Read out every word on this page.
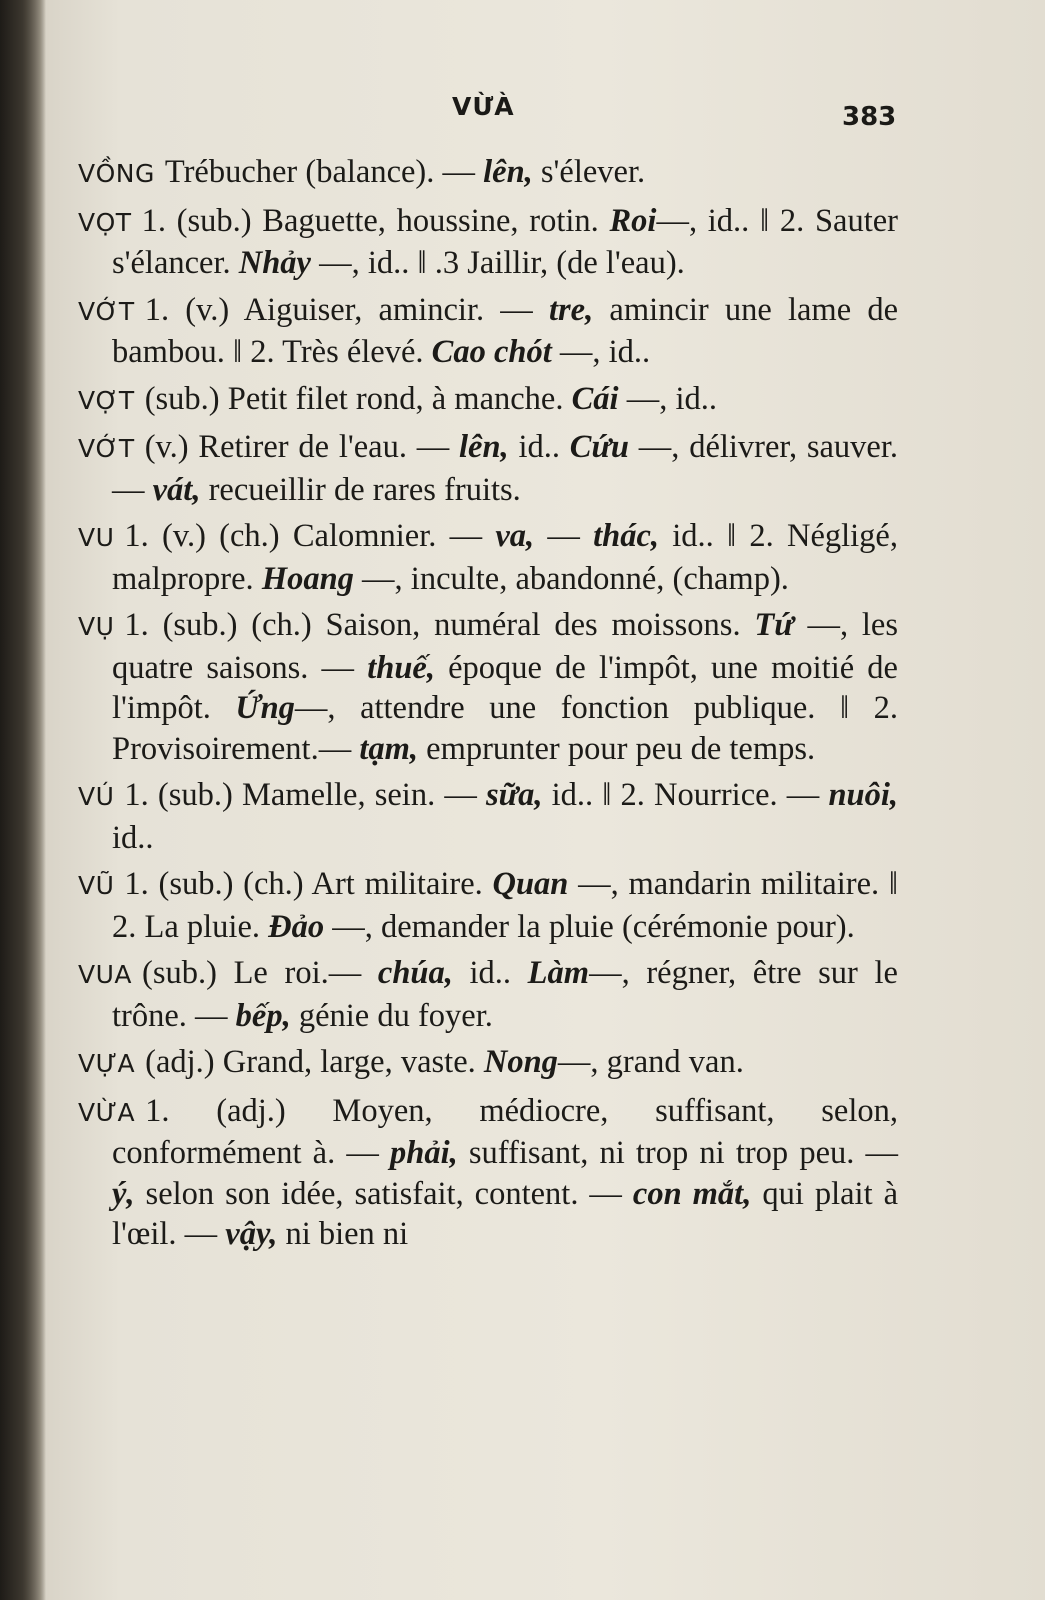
VỪÀ	383

VỒNG Trébucher (balance). — lên, s'élever.

VỌT 1. (sub.) Baguette, houssine, rotin. Roi—, id.. ‖ 2. Sauter s'élancer. Nhảy —, id.. ‖ .3 Jaillir, (de l'eau).

VỚT 1. (v.) Aiguiser, amincir. — tre, amincir une lame de bambou. ‖ 2. Très élevé. Cao chót —, id..

VỢT (sub.) Petit filet rond, à manche. Cái —, id..

VỚT (v.) Retirer de l'eau. — lên, id.. Cứu —, délivrer, sauver. — vát, recueillir de rares fruits.

VU 1. (v.) (ch.) Calomnier. — va, — thác, id.. ‖ 2. Négligé, malpropre. Hoang —, inculte, abandonné, (champ).

VỤ 1. (sub.) (ch.) Saison, numéral des moissons. Tứ —, les quatre saisons. — thuế, époque de l'impôt, une moitié de l'impôt. Ứng—, attendre une fonction publique. ‖ 2. Provisoirement.— tạm, emprunter pour peu de temps.

VÚ 1. (sub.) Mamelle, sein. — sữa, id.. ‖ 2. Nourrice. — nuôi, id..

VŨ 1. (sub.) (ch.) Art militaire. Quan —, mandarin militaire. ‖ 2. La pluie. Đảo —, demander la pluie (cérémonie pour).

VUA (sub.) Le roi.— chúa, id.. Làm—, régner, être sur le trône. — bếp, génie du foyer.

VỰA (adj.) Grand, large, vaste. Nong—, grand van.

VỪA 1. (adj.) Moyen, médiocre, suffisant, selon, conformément à. — phải, suffisant, ni trop ni trop peu. — ý, selon son idée, satisfait, content. — con mắt, qui plait à l'œil. — vậy, ni bien ni
